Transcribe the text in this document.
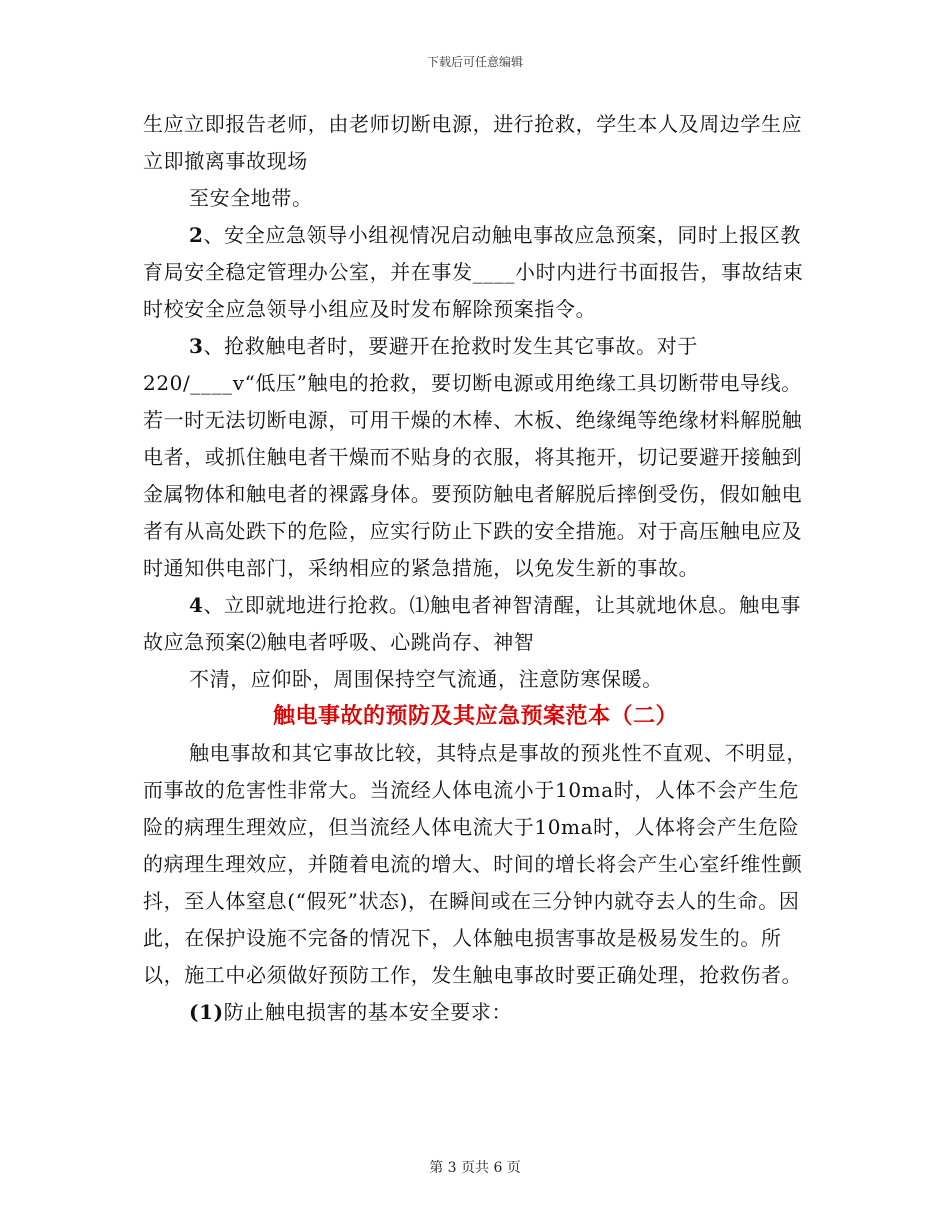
下载后可任意编辑

生应立即报告老师，由老师切断电源，进行抢救，学生本人及周边学生应立即撤离事故现场

至安全地带。

2、安全应急领导小组视情况启动触电事故应急预案，同时上报区教育局安全稳定管理办公室，并在事发____小时内进行书面报告，事故结束时校安全应急领导小组应及时发布解除预案指令。

3、抢救触电者时，要避开在抢救时发生其它事故。对于220/____v“低压”触电的抢救，要切断电源或用绝缘工具切断带电导线。若一时无法切断电源，可用干燥的木棒、木板、绝缘绳等绝缘材料解脱触电者，或抓住触电者干燥而不贴身的衣服，将其拖开，切记要避开接触到金属物体和触电者的裸露身体。要预防触电者解脱后摔倒受伤，假如触电者有从高处跌下的危险，应实行防止下跌的安全措施。对于高压触电应及时通知供电部门，采纳相应的紧急措施，以免发生新的事故。

4、立即就地进行抢救。⑴触电者神智清醒，让其就地休息。触电事故应急预案⑵触电者呼吸、心跳尚存、神智

不清，应仰卧，周围保持空气流通，注意防寒保暖。

触电事故的预防及其应急预案范本（二）

触电事故和其它事故比较，其特点是事故的预兆性不直观、不明显，而事故的危害性非常大。当流经人体电流小于10ma时，人体不会产生危险的病理生理效应，但当流经人体电流大于10ma时，人体将会产生危险的病理生理效应，并随着电流的增大、时间的增长将会产生心室纤维性颤抖，至人体窒息(“假死”状态)，在瞬间或在三分钟内就夺去人的生命。因此，在保护设施不完备的情况下，人体触电损害事故是极易发生的。所以，施工中必须做好预防工作，发生触电事故时要正确处理，抢救伤者。

(1)防止触电损害的基本安全要求：

第 3 页共 6 页
